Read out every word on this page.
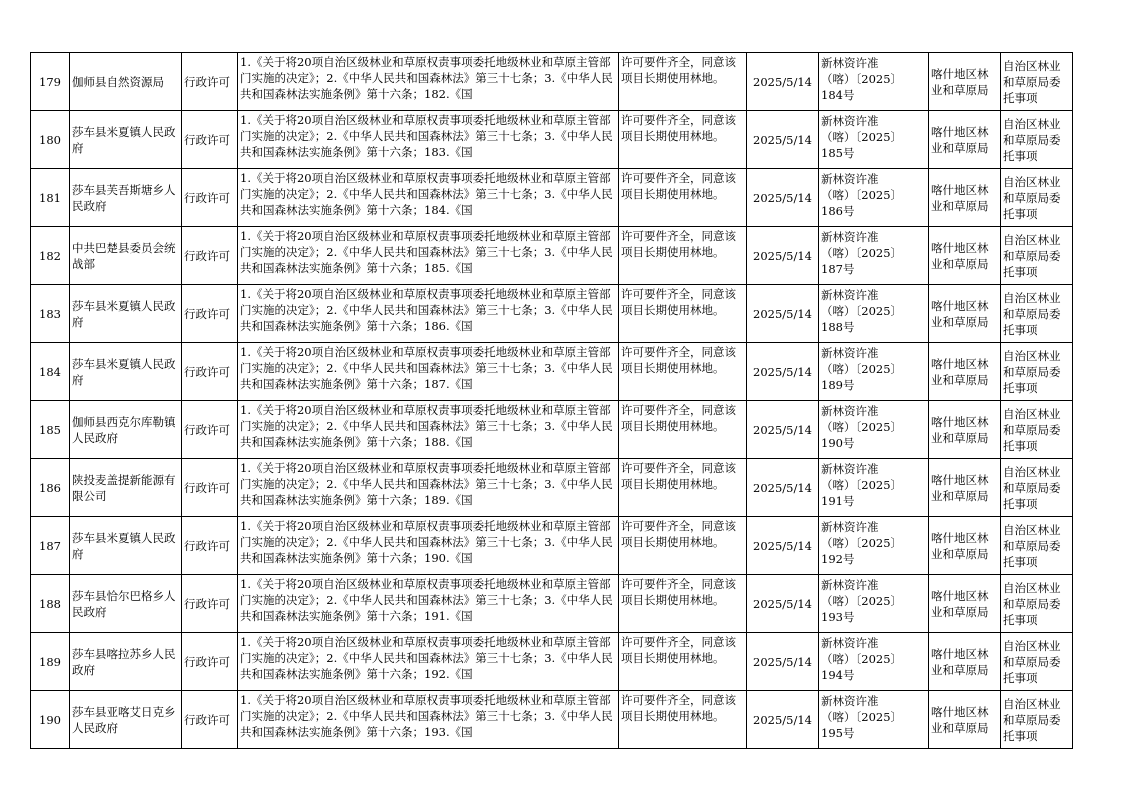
179	伽师县自然资源局	行政许可	1.《关于将20项自治区级林业和草原权责事项委托地级林业和草原主管部门实施的决定》；2.《中华人民共和国森林法》第三十七条；3.《中华人民共和国森林法实施条例》第十六条；182.《国	许可要件齐全，同意该项目长期使用林地。	2025/5/14	新林资许准
（喀）〔2025〕
184号	喀什地区林业和草原局	自治区林业和草原局委托事项
180	莎车县米夏镇人民政府	行政许可	1.《关于将20项自治区级林业和草原权责事项委托地级林业和草原主管部门实施的决定》；2.《中华人民共和国森林法》第三十七条；3.《中华人民共和国森林法实施条例》第十六条；183.《国	许可要件齐全，同意该项目长期使用林地。	2025/5/14	新林资许准
（喀）〔2025〕
185号	喀什地区林业和草原局	自治区林业和草原局委托事项
181	莎车县芙吾斯塘乡人民政府	行政许可	1.《关于将20项自治区级林业和草原权责事项委托地级林业和草原主管部门实施的决定》；2.《中华人民共和国森林法》第三十七条；3.《中华人民共和国森林法实施条例》第十六条；184.《国	许可要件齐全，同意该项目长期使用林地。	2025/5/14	新林资许准
（喀）〔2025〕
186号	喀什地区林业和草原局	自治区林业和草原局委托事项
182	中共巴楚县委员会统战部	行政许可	1.《关于将20项自治区级林业和草原权责事项委托地级林业和草原主管部门实施的决定》；2.《中华人民共和国森林法》第三十七条；3.《中华人民共和国森林法实施条例》第十六条；185.《国	许可要件齐全，同意该项目长期使用林地。	2025/5/14	新林资许准
（喀）〔2025〕
187号	喀什地区林业和草原局	自治区林业和草原局委托事项
183	莎车县米夏镇人民政府	行政许可	1.《关于将20项自治区级林业和草原权责事项委托地级林业和草原主管部门实施的决定》；2.《中华人民共和国森林法》第三十七条；3.《中华人民共和国森林法实施条例》第十六条；186.《国	许可要件齐全，同意该项目长期使用林地。	2025/5/14	新林资许准
（喀）〔2025〕
188号	喀什地区林业和草原局	自治区林业和草原局委托事项
184	莎车县米夏镇人民政府	行政许可	1.《关于将20项自治区级林业和草原权责事项委托地级林业和草原主管部门实施的决定》；2.《中华人民共和国森林法》第三十七条；3.《中华人民共和国森林法实施条例》第十六条；187.《国	许可要件齐全，同意该项目长期使用林地。	2025/5/14	新林资许准
（喀）〔2025〕
189号	喀什地区林业和草原局	自治区林业和草原局委托事项
185	伽师县西克尔库勒镇人民政府	行政许可	1.《关于将20项自治区级林业和草原权责事项委托地级林业和草原主管部门实施的决定》；2.《中华人民共和国森林法》第三十七条；3.《中华人民共和国森林法实施条例》第十六条；188.《国	许可要件齐全，同意该项目长期使用林地。	2025/5/14	新林资许准
（喀）〔2025〕
190号	喀什地区林业和草原局	自治区林业和草原局委托事项
186	陕投麦盖提新能源有限公司	行政许可	1.《关于将20项自治区级林业和草原权责事项委托地级林业和草原主管部门实施的决定》；2.《中华人民共和国森林法》第三十七条；3.《中华人民共和国森林法实施条例》第十六条；189.《国	许可要件齐全，同意该项目长期使用林地。	2025/5/14	新林资许准
（喀）〔2025〕
191号	喀什地区林业和草原局	自治区林业和草原局委托事项
187	莎车县米夏镇人民政府	行政许可	1.《关于将20项自治区级林业和草原权责事项委托地级林业和草原主管部门实施的决定》；2.《中华人民共和国森林法》第三十七条；3.《中华人民共和国森林法实施条例》第十六条；190.《国	许可要件齐全，同意该项目长期使用林地。	2025/5/14	新林资许准
（喀）〔2025〕
192号	喀什地区林业和草原局	自治区林业和草原局委托事项
188	莎车县恰尔巴格乡人民政府	行政许可	1.《关于将20项自治区级林业和草原权责事项委托地级林业和草原主管部门实施的决定》；2.《中华人民共和国森林法》第三十七条；3.《中华人民共和国森林法实施条例》第十六条；191.《国	许可要件齐全，同意该项目长期使用林地。	2025/5/14	新林资许准
（喀）〔2025〕
193号	喀什地区林业和草原局	自治区林业和草原局委托事项
189	莎车县喀拉苏乡人民政府	行政许可	1.《关于将20项自治区级林业和草原权责事项委托地级林业和草原主管部门实施的决定》；2.《中华人民共和国森林法》第三十七条；3.《中华人民共和国森林法实施条例》第十六条；192.《国	许可要件齐全，同意该项目长期使用林地。	2025/5/14	新林资许准
（喀）〔2025〕
194号	喀什地区林业和草原局	自治区林业和草原局委托事项
190	莎车县亚喀艾日克乡人民政府	行政许可	1.《关于将20项自治区级林业和草原权责事项委托地级林业和草原主管部门实施的决定》；2.《中华人民共和国森林法》第三十七条；3.《中华人民共和国森林法实施条例》第十六条；193.《国	许可要件齐全，同意该项目长期使用林地。	2025/5/14	新林资许准
（喀）〔2025〕
195号	喀什地区林业和草原局	自治区林业和草原局委托事项
